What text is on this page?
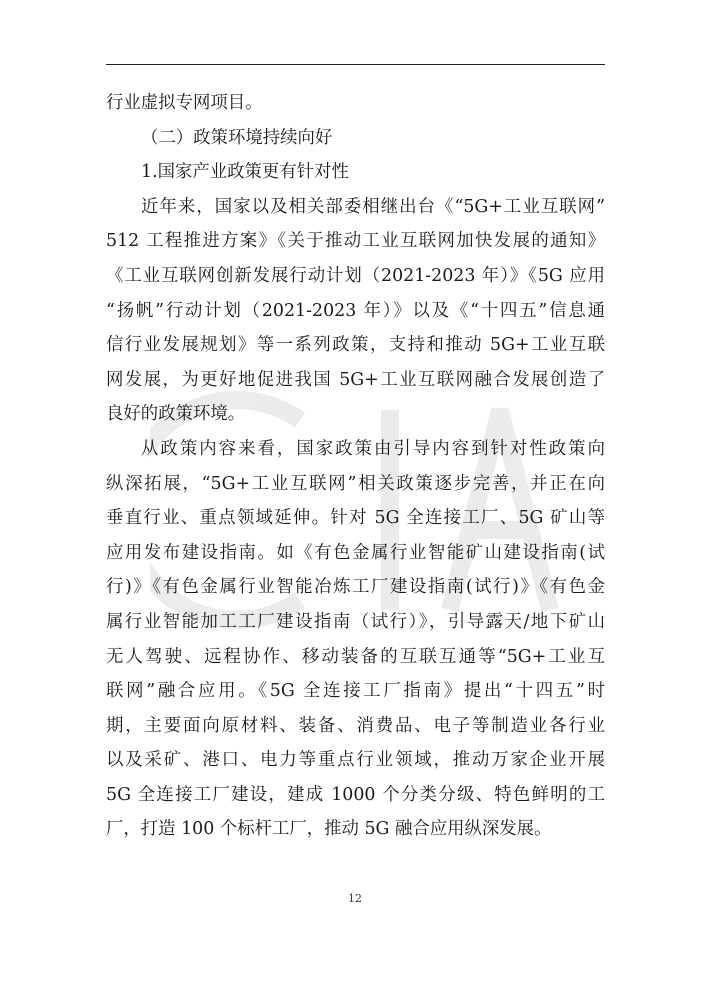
行业虚拟专网项目。
（二）政策环境持续向好
1.国家产业政策更有针对性
近年来，国家以及相关部委相继出台《“5G+工业互联网”
512 工程推进方案》《关于推动工业互联网加快发展的通知》
《工业互联网创新发展行动计划（2021-2023 年）》《5G 应用
“扬帆”行动计划（2021-2023 年）》以及《“十四五”信息通
信行业发展规划》等一系列政策，支持和推动 5G+工业互联
网发展，为更好地促进我国 5G+工业互联网融合发展创造了
良好的政策环境。
从政策内容来看，国家政策由引导内容到针对性政策向
纵深拓展，“5G+工业互联网”相关政策逐步完善，并正在向
垂直行业、重点领域延伸。针对 5G 全连接工厂、5G 矿山等
应用发布建设指南。如《有色金属行业智能矿山建设指南(试
行)》《有色金属行业智能冶炼工厂建设指南(试行)》《有色金
属行业智能加工工厂建设指南（试行）》，引导露天/地下矿山
无人驾驶、远程协作、移动装备的互联互通等“5G+工业互
联网”融合应用。《5G 全连接工厂指南》提出“十四五”时
期，主要面向原材料、装备、消费品、电子等制造业各行业
以及采矿、港口、电力等重点行业领域，推动万家企业开展
5G 全连接工厂建设，建成 1000 个分类分级、特色鲜明的工
厂，打造 100 个标杆工厂，推动 5G 融合应用纵深发展。
12
